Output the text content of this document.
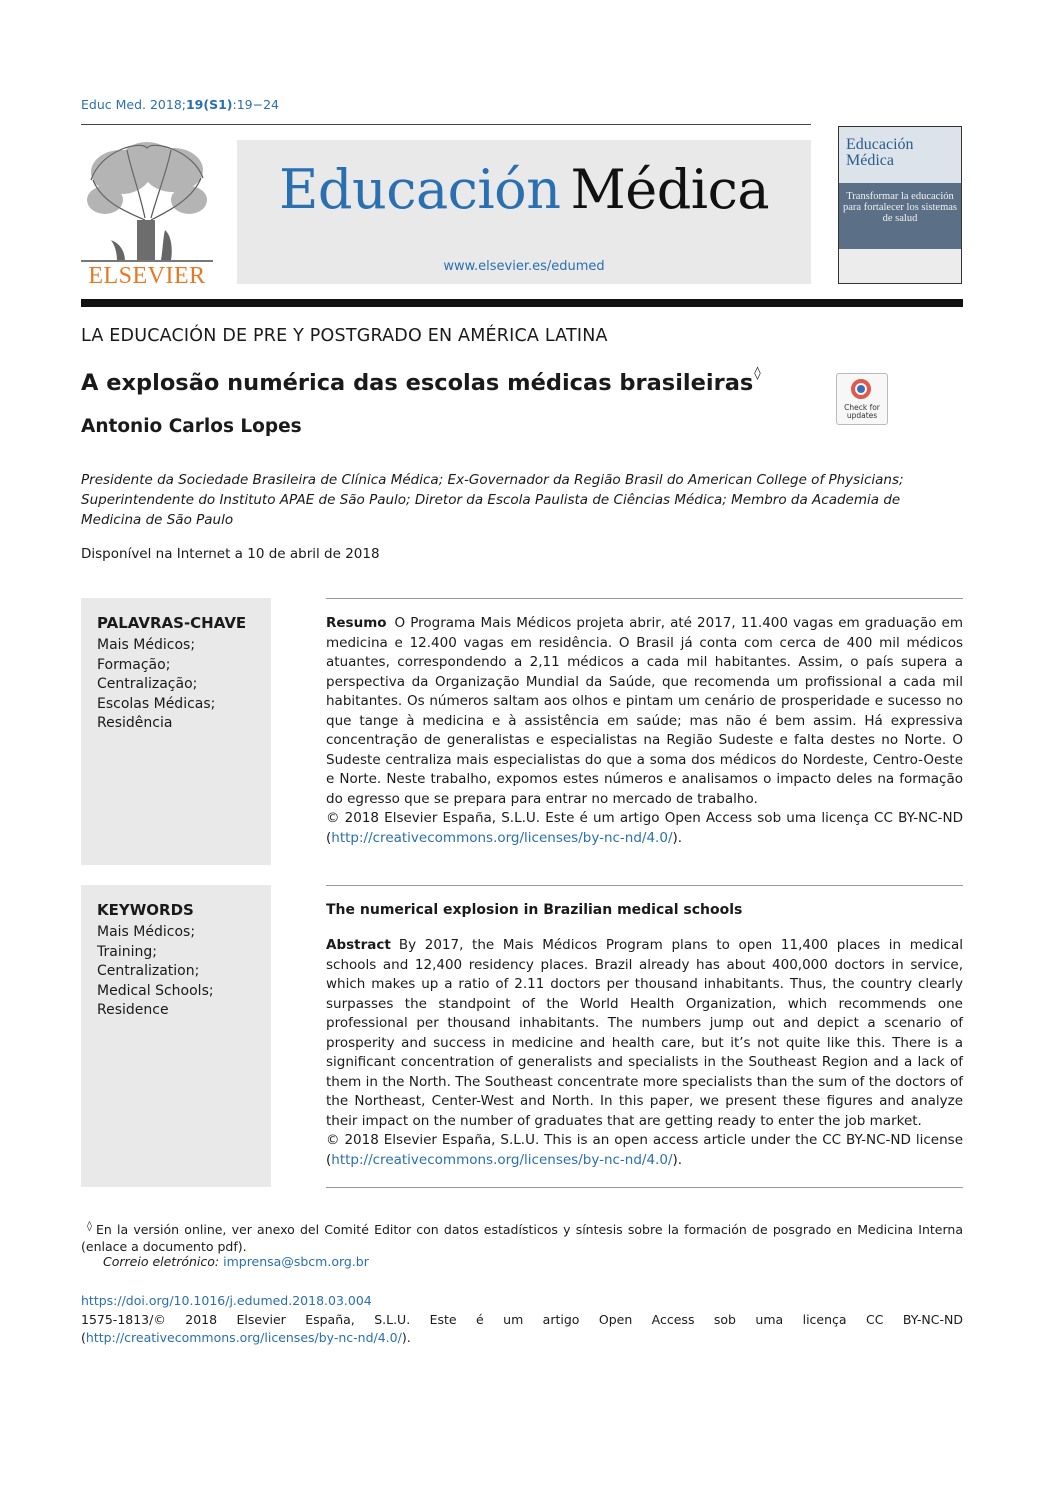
Educ Med. 2018;19(S1):19−24
ELSEVIER
Educación Médica
www.elsevier.es/edumed
Educación
Médica
Transformar la educación para fortalecer los sistemas de salud
LA EDUCACIÓN DE PRE Y POSTGRADO EN AMÉRICA LATINA
A explosão numérica das escolas médicas brasileiras◊
Antonio Carlos Lopes
Check for updates
Presidente da Sociedade Brasileira de Clínica Médica; Ex-Governador da Região Brasil do American College of Physicians; Superintendente do Instituto APAE de São Paulo; Diretor da Escola Paulista de Ciências Médica; Membro da Academia de Medicina de São Paulo
Disponível na Internet a 10 de abril de 2018
PALAVRAS-CHAVE
Mais Médicos;
Formação;
Centralização;
Escolas Médicas;
Residência
Resumo O Programa Mais Médicos projeta abrir, até 2017, 11.400 vagas em graduação em medicina e 12.400 vagas em residência. O Brasil já conta com cerca de 400 mil médicos atuantes, correspondendo a 2,11 médicos a cada mil habitantes. Assim, o país supera a perspectiva da Organização Mundial da Saúde, que recomenda um profissional a cada mil habitantes. Os números saltam aos olhos e pintam um cenário de prosperidade e sucesso no que tange à medicina e à assistência em saúde; mas não é bem assim. Há expressiva concentração de generalistas e especialistas na Região Sudeste e falta destes no Norte. O Sudeste centraliza mais especialistas do que a soma dos médicos do Nordeste, Centro-Oeste e Norte. Neste trabalho, expomos estes números e analisamos o impacto deles na formação do egresso que se prepara para entrar no mercado de trabalho.
© 2018 Elsevier España, S.L.U. Este é um artigo Open Access sob uma licença CC BY-NC-ND (http://creativecommons.org/licenses/by-nc-nd/4.0/).
KEYWORDS
Mais Médicos;
Training;
Centralization;
Medical Schools;
Residence
The numerical explosion in Brazilian medical schools
Abstract By 2017, the Mais Médicos Program plans to open 11,400 places in medical schools and 12,400 residency places. Brazil already has about 400,000 doctors in service, which makes up a ratio of 2.11 doctors per thousand inhabitants. Thus, the country clearly surpasses the standpoint of the World Health Organization, which recommends one professional per thousand inhabitants. The numbers jump out and depict a scenario of prosperity and success in medicine and health care, but it’s not quite like this. There is a significant concentration of generalists and specialists in the Southeast Region and a lack of them in the North. The Southeast concentrate more specialists than the sum of the doctors of the Northeast, Center-West and North. In this paper, we present these figures and analyze their impact on the number of graduates that are getting ready to enter the job market.
© 2018 Elsevier España, S.L.U. This is an open access article under the CC BY-NC-ND license (http://creativecommons.org/licenses/by-nc-nd/4.0/).
◊ En la versión online, ver anexo del Comité Editor con datos estadísticos y síntesis sobre la formación de posgrado en Medicina Interna (enlace a documento pdf).
Correio eletrónico: imprensa@sbcm.org.br
https://doi.org/10.1016/j.edumed.2018.03.004
1575-1813/© 2018 Elsevier España, S.L.U. Este é um artigo Open Access sob uma licença CC BY-NC-ND (http://creativecommons.org/licenses/by-nc-nd/4.0/).
